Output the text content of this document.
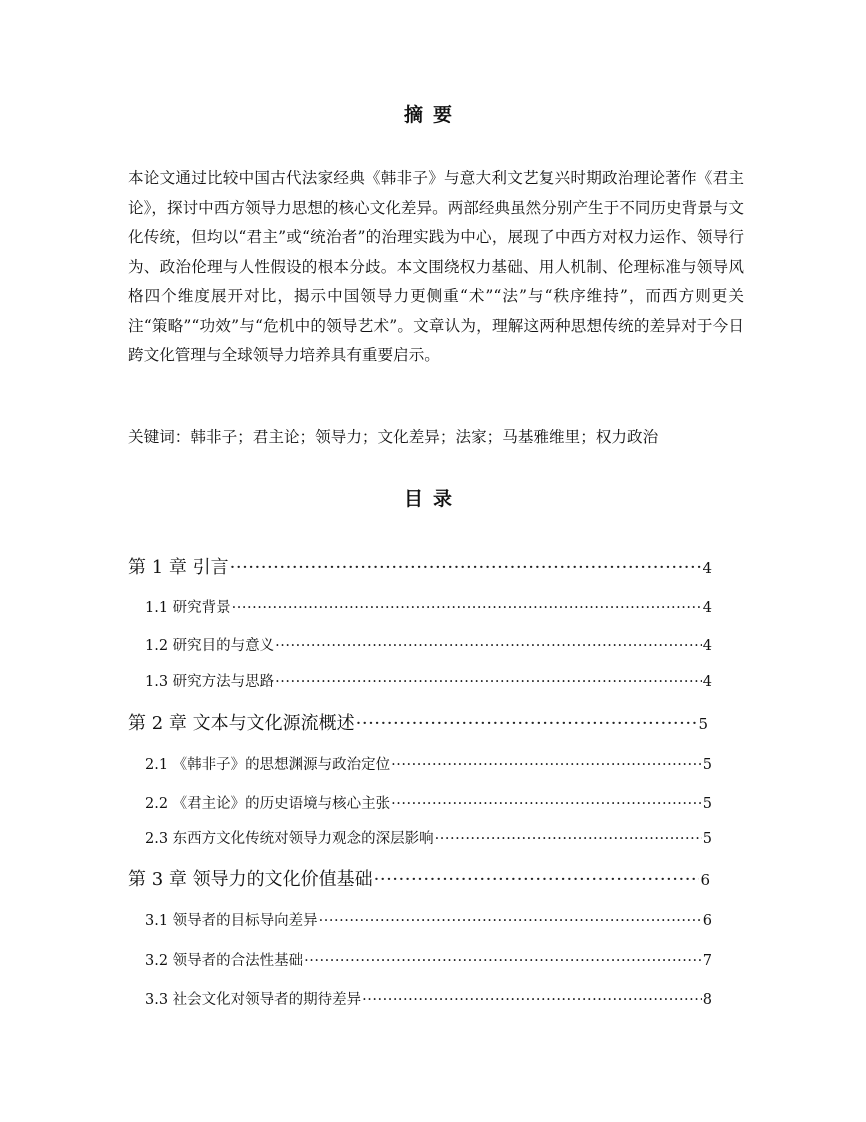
摘要

本论文通过比较中国古代法家经典《韩非子》与意大利文艺复兴时期政治理论著作《君主论》，探讨中西方领导力思想的核心文化差异。两部经典虽然分别产生于不同历史背景与文化传统，但均以“君主”或“统治者”的治理实践为中心，展现了中西方对权力运作、领导行为、政治伦理与人性假设的根本分歧。本文围绕权力基础、用人机制、伦理标准与领导风格四个维度展开对比，揭示中国领导力更侧重“术”“法”与“秩序维持”，而西方则更关注“策略”“功效”与“危机中的领导艺术”。文章认为，理解这两种思想传统的差异对于今日跨文化管理与全球领导力培养具有重要启示。

关键词：韩非子；君主论；领导力；文化差异；法家；马基雅维里；权力政治
目录
第 1 章 引言 ·····	4
1.1 研究背景 ·····	4
1.2 研究目的与意义 ·····	4
1.3 研究方法与思路 ·····	4
第 2 章 文本与文化源流概述 ·····	5
2.1 《韩非子》的思想渊源与政治定位 ·····	5
2.2 《君主论》的历史语境与核心主张 ·····	5
2.3 东西方文化传统对领导力观念的深层影响 ·····	5
第 3 章 领导力的文化价值基础 ·····	6
3.1 领导者的目标导向差异 ·····	6
3.2 领导者的合法性基础 ·····	7
3.3 社会文化对领导者的期待差异 ·····	8
